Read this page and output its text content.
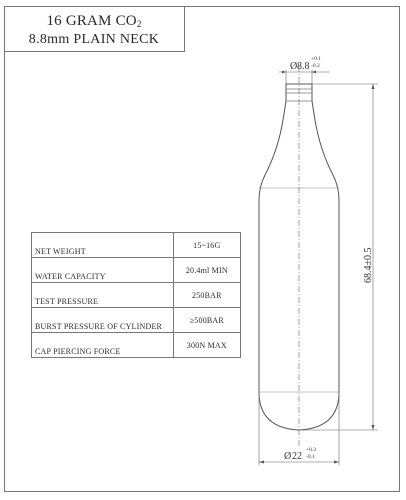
16 GRAM CO2
8.8mm PLAIN NECK
NET WEIGHT	15~16G
WATER CAPACITY	20.4ml MIN
TEST PRESSURE	250BAR
BURST PRESSURE OF CYLINDER	≥500BAR
CAP PIERCING FORCE	300N MAX
Ø 8.8
+0.1
-0.2
68.4±0.5
Ø 22
+0.3
-0.1
